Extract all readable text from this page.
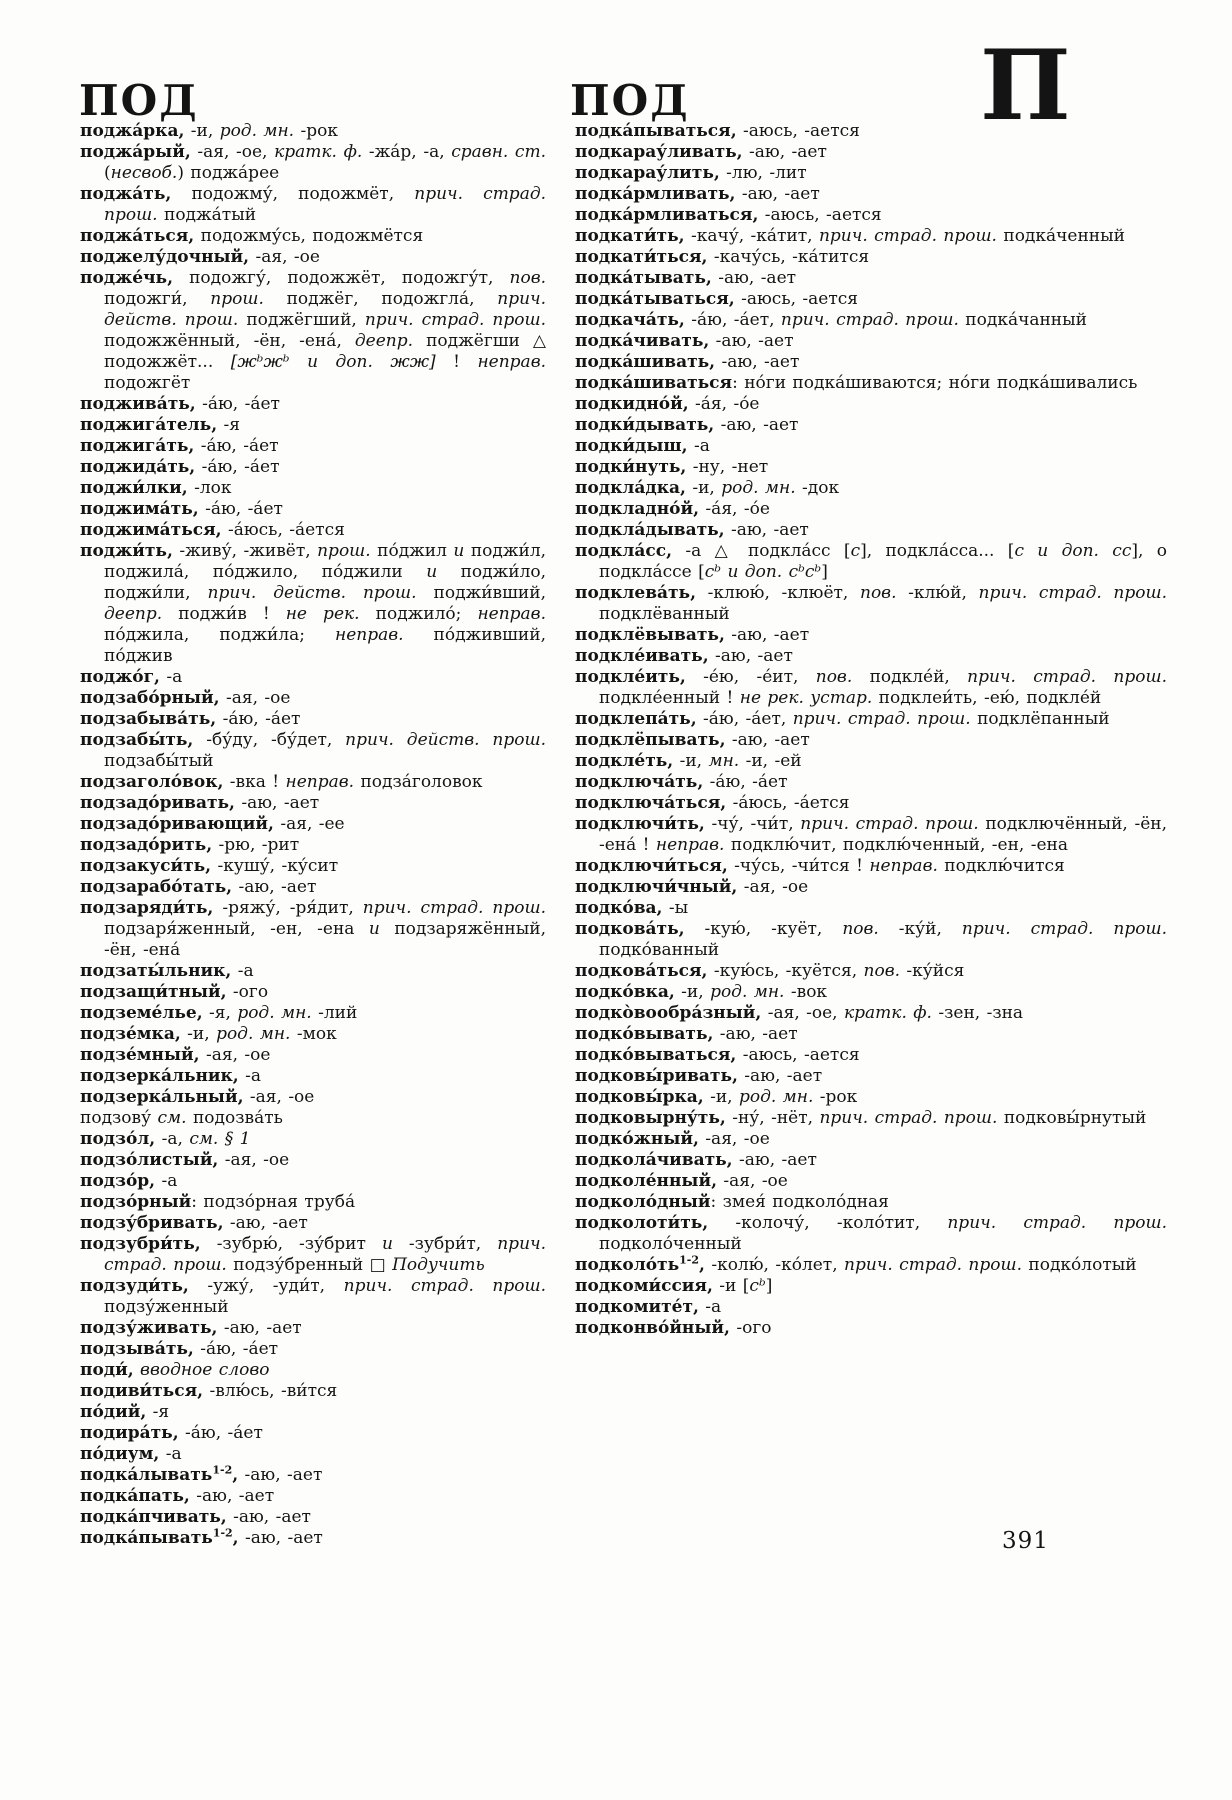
ПОД	ПОД	П
поджа́рка, -и, род. мн. -рок
поджа́рый, -ая, -ое, кратк. ф. -жа́р, -а, сравн. ст. (несвоб.) поджа́рее
поджа́ть, подожму́, подожмёт, прич. страд. прош. поджа́тый
поджа́ться, подожму́сь, подожмётся
поджелу́дочный, -ая, -ое
подже́чь, подожгу́, подожжёт, подожгу́т, пов. подожги́, прош. поджёг, подожгла́, прич. действ. прош. поджёгший, прич. страд. прош. подожжённый, -ён, -ена́, деепр. поджёгши △ подожжёт... [жᵇжᵇ и доп. жж] ! неправ. подожгёт
поджива́ть, -а́ю, -а́ет
поджига́тель, -я
поджига́ть, -а́ю, -а́ет
поджида́ть, -а́ю, -а́ет
поджи́лки, -лок
поджима́ть, -а́ю, -а́ет
поджима́ться, -а́юсь, -а́ется
поджи́ть, -живу́, -живёт, прош. по́джил и поджи́л, поджила́, по́джило, по́джили и поджи́ло, поджи́ли, прич. действ. прош. поджи́вший, деепр. поджи́в ! не рек. поджило́; неправ. по́джила, поджи́ла; неправ. по́дживший, по́джив
поджо́г, -а
подзабо́рный, -ая, -ое
подзабыва́ть, -а́ю, -а́ет
подзабы́ть, -бу́ду, -бу́дет, прич. действ. прош. подзабы́тый
подзаголо́вок, -вка ! неправ. подза́головок
подзадо́ривать, -аю, -ает
подзадо́ривающий, -ая, -ее
подзадо́рить, -рю, -рит
подзакуси́ть, -кушу́, -ку́сит
подзарабо́тать, -аю, -ает
подзаряди́ть, -ряжу́, -ря́дит, прич. страд. прош. подзаря́женный, -ен, -ена и подзаряжённый, -ён, -ена́
подзаты́льник, -а
подзащи́тный, -ого
подземе́лье, -я, род. мн. -лий
подзе́мка, -и, род. мн. -мок
подзе́мный, -ая, -ое
подзерка́льник, -а
подзерка́льный, -ая, -ое
подзову́ см. подозва́ть
подзо́л, -а, см. § 1
подзо́листый, -ая, -ое
подзо́р, -а
подзо́рный: подзо́рная труба́
подзу́бривать, -аю, -ает
подзубри́ть, -зубрю́, -зу́брит и -зубри́т, прич. страд. прош. подзу́бренный □ Подучить
подзуди́ть, -ужу́, -уди́т, прич. страд. прош. подзу́женный
подзу́живать, -аю, -ает
подзыва́ть, -а́ю, -а́ет
поди́, вводное слово
подиви́ться, -влю́сь, -ви́тся
по́дий, -я
подира́ть, -а́ю, -а́ет
по́диум, -а
подка́лывать$^{1-2}$, -аю, -ает
подка́пать, -аю, -ает
подка́пчивать, -аю, -ает
подка́пывать$^{1-2}$, -аю, -ает
подка́пываться, -аюсь, -ается
подкарау́ливать, -аю, -ает
подкарау́лить, -лю, -лит
подка́рмливать, -аю, -ает
подка́рмливаться, -аюсь, -ается
подкати́ть, -качу́, -ка́тит, прич. страд. прош. подка́ченный
подкати́ться, -качу́сь, -ка́тится
подка́тывать, -аю, -ает
подка́тываться, -аюсь, -ается
подкача́ть, -а́ю, -а́ет, прич. страд. прош. подка́чанный
подка́чивать, -аю, -ает
подка́шивать, -аю, -ает
подка́шиваться: но́ги подка́шиваются; но́ги подка́шивались
подкидно́й, -а́я, -о́е
подки́дывать, -аю, -ает
подки́дыш, -а
подки́нуть, -ну, -нет
подкла́дка, -и, род. мн. -док
подкладно́й, -а́я, -о́е
подкла́дывать, -аю, -ает
подкла́сс, -а △ подкла́сс [с], подкла́сса... [с и доп. сс], о подкла́ссе [сᵇ и доп. сᵇсᵇ]
подклева́ть, -клюю́, -клюёт, пов. -клю́й, прич. страд. прош. подклёванный
подклёвывать, -аю, -ает
подкле́ивать, -аю, -ает
подкле́ить, -е́ю, -е́ит, пов. подкле́й, прич. страд. прош. подкле́енный ! не рек. устар. подклеи́ть, -ею́, подкле́й
подклепа́ть, -а́ю, -а́ет, прич. страд. прош. подклёпанный
подклёпывать, -аю, -ает
подкле́ть, -и, мн. -и, -ей
подключа́ть, -а́ю, -а́ет
подключа́ться, -а́юсь, -а́ется
подключи́ть, -чу́, -чи́т, прич. страд. прош. подключённый, -ён, -ена́ ! неправ. подклю́чит, подклю́ченный, -ен, -ена
подключи́ться, -чу́сь, -чи́тся ! неправ. подклю́чится
подключи́чный, -ая, -ое
подко́ва, -ы
подкова́ть, -кую́, -куёт, пов. -ку́й, прич. страд. прош. подко́ванный
подкова́ться, -кую́сь, -куётся, пов. -ку́йся
подко́вка, -и, род. мн. -вок
подко̀вообра́зный, -ая, -ое, кратк. ф. -зен, -зна
подко́вывать, -аю, -ает
подко́вываться, -аюсь, -ается
подковы́ривать, -аю, -ает
подковы́рка, -и, род. мн. -рок
подковырну́ть, -ну́, -нёт, прич. страд. прош. подковы́рнутый
подко́жный, -ая, -ое
подкола́чивать, -аю, -ает
подколе́нный, -ая, -ое
подколо́дный: змея́ подколо́дная
подколоти́ть, -колочу́, -коло́тит, прич. страд. прош. подколо́ченный
$подколо́ть^{1-2}$, -колю́, -ко́лет, прич. страд. прош. подко́лотый
подкоми́ссия, -и [сᵇ]
подкомите́т, -а
подконво́йный, -ого
391
